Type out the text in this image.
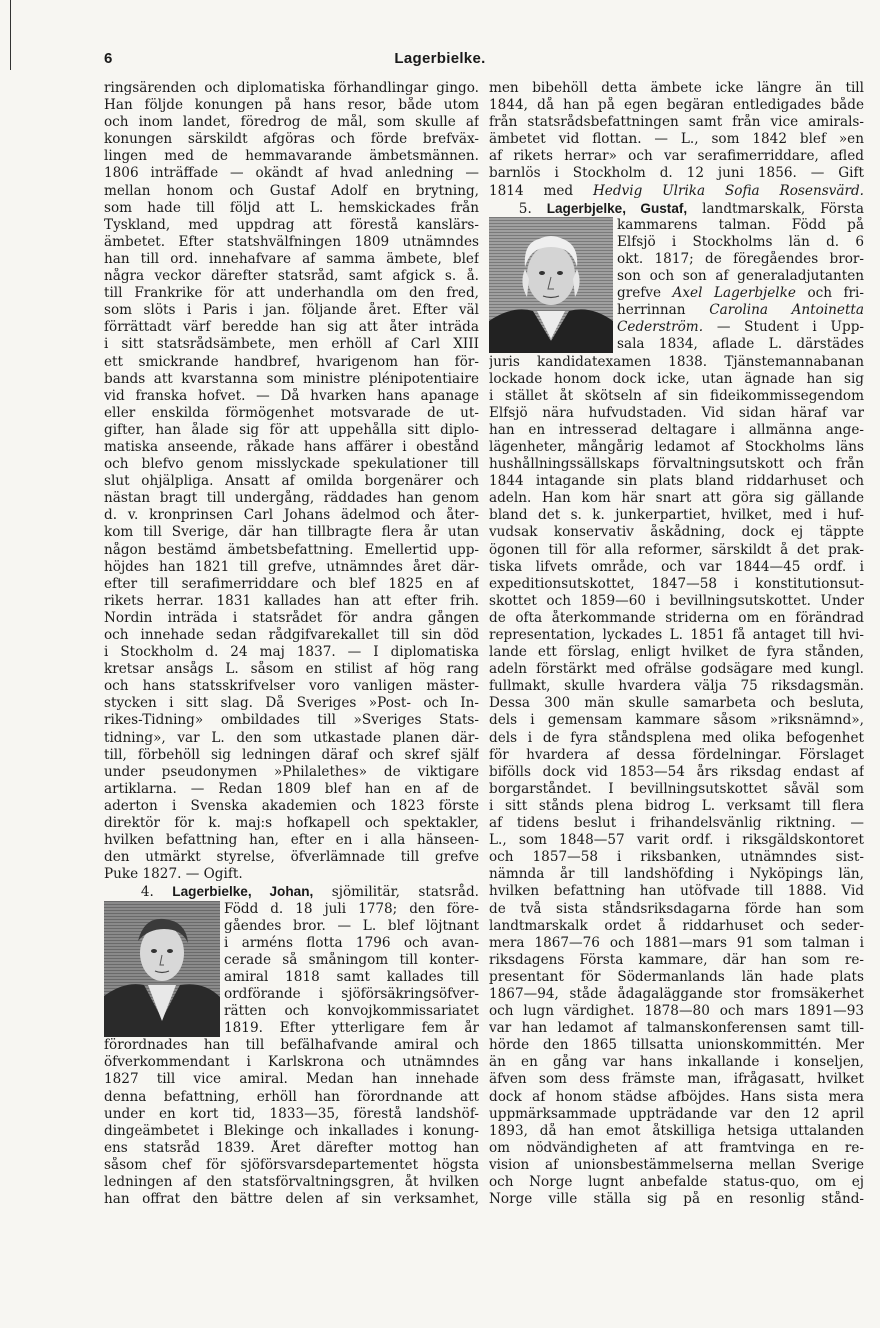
6	Lagerbielke.
ringsärenden och diplomatiska förhandlingar gingo.
Han följde konungen på hans resor, både utom
och inom landet, föredrog de mål, som skulle af
konungen särskildt afgöras och förde brefväx-
lingen med de hemmavarande ämbetsmännen.
1806 inträffade — okändt af hvad anledning —
mellan honom och Gustaf Adolf en brytning,
som hade till följd att L. hemskickades från
Tyskland, med uppdrag att förestå kanslärs-
ämbetet. Efter statshvälfningen 1809 utnämndes
han till ord. innehafvare af samma ämbete, blef
några veckor därefter statsråd, samt afgick s. å.
till Frankrike för att underhandla om den fred,
som slöts i Paris i jan. följande året. Efter väl
förrättadt värf beredde han sig att åter inträda
i sitt statsrådsämbete, men erhöll af Carl XIII
ett smickrande handbref, hvarigenom han för-
bands att kvarstanna som ministre plénipotentiaire
vid franska hofvet. — Då hvarken hans apanage
eller enskilda förmögenhet motsvarade de ut-
gifter, han ålade sig för att uppehålla sitt diplo-
matiska anseende, råkade hans affärer i obestånd
och blefvo genom misslyckade spekulationer till
slut ohjälpliga. Ansatt af omilda borgenärer och
nästan bragt till undergång, räddades han genom
d. v. kronprinsen Carl Johans ädelmod och åter-
kom till Sverige, där han tillbragte flera år utan
någon bestämd ämbetsbefattning. Emellertid upp-
höjdes han 1821 till grefve, utnämndes året där-
efter till serafimerriddare och blef 1825 en af
rikets herrar. 1831 kallades han att efter frih.
Nordin inträda i statsrådet för andra gången
och innehade sedan rådgifvarekallet till sin död
i Stockholm d. 24 maj 1837. — I diplomatiska
kretsar ansågs L. såsom en stilist af hög rang
och hans statsskrifvelser voro vanligen mäster-
stycken i sitt slag. Då Sveriges »Post- och In-
rikes-Tidning» ombildades till »Sveriges Stats-
tidning», var L. den som utkastade planen där-
till, förbehöll sig ledningen däraf och skref själf
under pseudonymen »Philalethes» de viktigare
artiklarna. — Redan 1809 blef han en af de
aderton i Svenska akademien och 1823 förste
direktör för k. maj:s hofkapell och spektakler,
hvilken befattning han, efter en i alla hänseen-
den utmärkt styrelse, öfverlämnade till grefve
Puke 1827. — Ogift.
4. Lagerbielke, Johan, sjömilitär, statsråd.
Född d. 18 juli 1778; den före-
gåendes bror. — L. blef löjtnant
i arméns flotta 1796 och avan-
cerade så småningom till konter-
amiral 1818 samt kallades till
ordförande i sjöförsäkringsöfver-
rätten och konvojkommissariatet
1819. Efter ytterligare fem år
förordnades han till befälhafvande amiral och
öfverkommendant i Karlskrona och utnämndes
1827 till vice amiral. Medan han innehade
denna befattning, erhöll han förordnande att
under en kort tid, 1833—35, förestå landshöf-
dingeämbetet i Blekinge och inkallades i konung-
ens statsråd 1839. Året därefter mottog han
såsom chef för sjöförsvarsdepartementet högsta
ledningen af den statsförvaltningsgren, åt hvilken
han offrat den bättre delen af sin verksamhet,
men bibehöll detta ämbete icke längre än till
1844, då han på egen begäran entledigades både
från statsrådsbefattningen samt från vice amirals-
ämbetet vid flottan. — L., som 1842 blef »en
af rikets herrar» och var serafimerriddare, afled
barnlös i Stockholm d. 12 juni 1856. — Gift
1814 med Hedvig Ulrika Sofia Rosensvärd.
5. Lagerbjelke, Gustaf, landtmarskalk, Första
kammarens talman. Född på
Elfsjö i Stockholms län d. 6
okt. 1817; de föregåendes bror-
son och son af generaladjutanten
grefve Axel Lagerbjelke och fri-
herrinnan Carolina Antoinetta
Cederström. — Student i Upp-
sala 1834, aflade L. därstädes
juris kandidatexamen 1838. Tjänstemannabanan
lockade honom dock icke, utan ägnade han sig
i stället åt skötseln af sin fideikommissegendom
Elfsjö nära hufvudstaden. Vid sidan häraf var
han en intresserad deltagare i allmänna ange-
lägenheter, mångårig ledamot af Stockholms läns
hushållningssällskaps förvaltningsutskott och från
1844 intagande sin plats bland riddarhuset och
adeln. Han kom här snart att göra sig gällande
bland det s. k. junkerpartiet, hvilket, med i huf-
vudsak konservativ åskådning, dock ej täppte
ögonen till för alla reformer, särskildt å det prak-
tiska lifvets område, och var 1844—45 ordf. i
expeditionsutskottet, 1847—58 i konstitutionsut-
skottet och 1859—60 i bevillningsutskottet. Under
de ofta återkommande striderna om en förändrad
representation, lyckades L. 1851 få antaget till hvi-
lande ett förslag, enligt hvilket de fyra stånden,
adeln förstärkt med ofrälse godsägare med kungl.
fullmakt, skulle hvardera välja 75 riksdagsmän.
Dessa 300 män skulle samarbeta och besluta,
dels i gemensam kammare såsom »riksnämnd»,
dels i de fyra ståndsplena med olika befogenhet
för hvardera af dessa fördelningar. Förslaget
bifölls dock vid 1853—54 års riksdag endast af
borgarståndet. I bevillningsutskottet såväl som
i sitt stånds plena bidrog L. verksamt till flera
af tidens beslut i frihandelsvänlig riktning. —
L., som 1848—57 varit ordf. i riksgäldskontoret
och 1857—58 i riksbanken, utnämndes sist-
nämnda år till landshöfding i Nyköpings län,
hvilken befattning han utöfvade till 1888. Vid
de två sista ståndsriksdagarna förde han som
landtmarskalk ordet å riddarhuset och seder-
mera 1867—76 och 1881—mars 91 som talman i
riksdagens Första kammare, där han som re-
presentant för Södermanlands län hade plats
1867—94, ståde ådagaläggande stor fromsäkerhet
och lugn värdighet. 1878—80 och mars 1891—93
var han ledamot af talmanskonferensen samt till-
hörde den 1865 tillsatta unionskommittén. Mer
än en gång var hans inkallande i konseljen,
äfven som dess främste man, ifrågasatt, hvilket
dock af honom städse afböjdes. Hans sista mera
uppmärksammade uppträdande var den 12 april
1893, då han emot åtskilliga hetsiga uttalanden
om nödvändigheten af att framtvinga en re-
vision af unionsbestämmelserna mellan Sverige
och Norge lugnt anbefalde status-quo, om ej
Norge ville ställa sig på en resonlig stånd-
